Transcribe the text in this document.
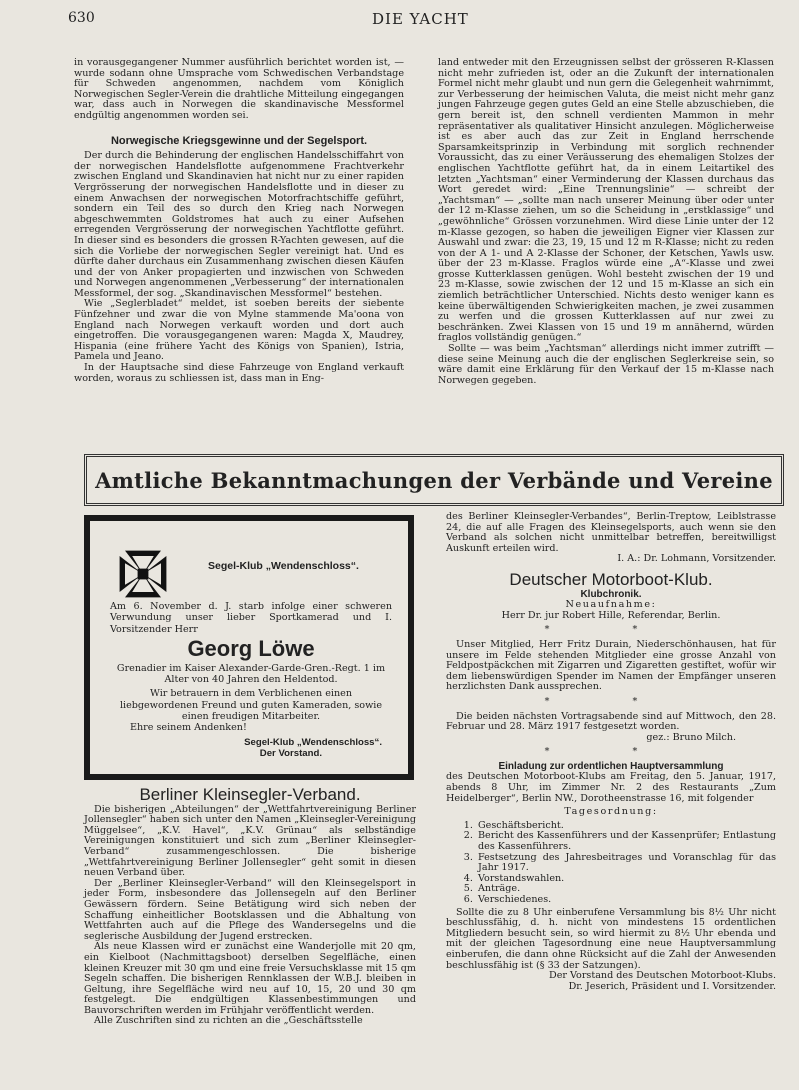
630	DIE YACHT

in vorausgegangener Nummer ausführlich berichtet worden ist, — wurde sodann ohne Umsprache vom Schwedischen Verbandstage für Schweden angenommen, nachdem vom Königlich Norwegischen Segler-Verein die drahtliche Mitteilung eingegangen war, dass auch in Norwegen die skandinavische Messformel endgültig angenommen worden sei.

Norwegische Kriegsgewinne und der Segelsport.

Der durch die Behinderung der englischen Handelsschiffahrt von der norwegischen Handelsflotte aufgenommene Frachtverkehr zwischen England und Skandinavien hat nicht nur zu einer rapiden Vergrösserung der norwegischen Handelsflotte und in dieser zu einem Anwachsen der norwegischen Motorfrachtschiffe geführt, sondern ein Teil des so durch den Krieg nach Norwegen abgeschwemmten Goldstromes hat auch zu einer Aufsehen erregenden Vergrösserung der norwegischen Yachtflotte geführt. In dieser sind es besonders die grossen R-Yachten gewesen, auf die sich die Vorliebe der norwegischen Segler vereinigt hat. Und es dürfte daher durchaus ein Zusammenhang zwischen diesen Käufen und der von Anker propagierten und inzwischen von Schweden und Norwegen angenommenen „Verbesserung“ der internationalen Messformel, der sog. „Skandinavischen Messformel“ bestehen.

Wie „Seglerbladet“ meldet, ist soeben bereits der siebente Fünfzehner und zwar die von Mylne stammende Ma'oona von England nach Norwegen verkauft worden und dort auch eingetroffen. Die vorausgegangenen waren: Magda X, Maudrey, Hispania (eine frühere Yacht des Königs von Spanien), Istria, Pamela und Jeano.

In der Hauptsache sind diese Fahrzeuge von England verkauft worden, woraus zu schliessen ist, dass man in Eng-

land entweder mit den Erzeugnissen selbst der grösseren R-Klassen nicht mehr zufrieden ist, oder an die Zukunft der internationalen Formel nicht mehr glaubt und nun gern die Gelegenheit wahrnimmt, zur Verbesserung der heimischen Valuta, die meist nicht mehr ganz jungen Fahrzeuge gegen gutes Geld an eine Stelle abzuschieben, die gern bereit ist, den schnell verdienten Mammon in mehr repräsentativer als qualitativer Hinsicht anzulegen. Möglicherweise ist es aber auch das zur Zeit in England herrschende Sparsamkeitsprinzip in Verbindung mit sorglich rechnender Voraussicht, das zu einer Veräusserung des ehemaligen Stolzes der englischen Yachtflotte geführt hat, da in einem Leitartikel des letzten „Yachtsman“ einer Verminderung der Klassen durchaus das Wort geredet wird: „Eine Trennungslinie“ — schreibt der „Yachtsman“ — „sollte man nach unserer Meinung über oder unter der 12 m-Klasse ziehen, um so die Scheidung in „erstklassige“ und „gewöhnliche“ Grössen vorzunehmen. Wird diese Linie unter der 12 m-Klasse gezogen, so haben die jeweiligen Eigner vier Klassen zur Auswahl und zwar: die 23, 19, 15 und 12 m R-Klasse; nicht zu reden von der A 1- und A 2-Klasse der Schoner, der Ketschen, Yawls usw. über der 23 m-Klasse. Fraglos würde eine „A“-Klasse und zwei grosse Kutterklassen genügen. Wohl besteht zwischen der 19 und 23 m-Klasse, sowie zwischen der 12 und 15 m-Klasse an sich ein ziemlich beträchtlicher Unterschied. Nichts desto weniger kann es keine überwältigenden Schwierigkeiten machen, je zwei zusammen zu werfen und die grossen Kutterklassen auf nur zwei zu beschränken. Zwei Klassen von 15 und 19 m annähernd, würden fraglos vollständig genügen.“

Sollte — was beim „Yachtsman“ allerdings nicht immer zutrifft — diese seine Meinung auch die der englischen Seglerkreise sein, so wäre damit eine Erklärung für den Verkauf der 15 m-Klasse nach Norwegen gegeben.

Amtliche Bekanntmachungen der Verbände und Vereine
Segel-Klub „Wendenschloss“.
Am 6. November d. J. starb infolge einer schweren Verwundung unser lieber Sportkamerad und I. Vorsitzender Herr
Georg Löwe
Grenadier im Kaiser Alexander-Garde-Gren.-Regt. 1 im Alter von 40 Jahren den Heldentod.
Wir betrauern in dem Verblichenen einen liebgewordenen Freund und guten Kameraden, sowie einen freudigen Mitarbeiter.
Ehre seinem Andenken!
Segel-Klub „Wendenschloss“.
Der Vorstand.
Berliner Kleinsegler-Verband.

Die bisherigen „Abteilungen“ der „Wettfahrtvereinigung Berliner Jollensegler“ haben sich unter den Namen „Kleinsegler-Vereinigung Müggelsee“, „K.V. Havel“, „K.V. Grünau“ als selbständige Vereinigungen konstituiert und sich zum „Berliner Kleinsegler-Verband“ zusammengeschlossen. Die bisherige „Wettfahrtvereinigung Berliner Jollensegler“ geht somit in diesen neuen Verband über.

Der „Berliner Kleinsegler-Verband“ will den Kleinsegelsport in jeder Form, insbesondere das Jollensegeln auf den Berliner Gewässern fördern. Seine Betätigung wird sich neben der Schaffung einheitlicher Bootsklassen und die Abhaltung von Wettfahrten auch auf die Pflege des Wandersegelns und die seglerische Ausbildung der Jugend erstrecken.

Als neue Klassen wird er zunächst eine Wanderjolle mit 20 qm, ein Kielboot (Nachmittagsboot) derselben Segelfläche, einen kleinen Kreuzer mit 30 qm und eine freie Versuchsklasse mit 15 qm Segeln schaffen. Die bisherigen Rennklassen der W.B.J. bleiben in Geltung, ihre Segelfläche wird neu auf 10, 15, 20 und 30 qm festgelegt. Die endgültigen Klassenbestimmungen und Bauvorschriften werden im Frühjahr veröffentlicht werden.

Alle Zuschriften sind zu richten an die „Geschäftsstelle

des Berliner Kleinsegler-Verbandes“, Berlin-Treptow, Leiblstrasse 24, die auf alle Fragen des Kleinsegelsports, auch wenn sie den Verband als solchen nicht unmittelbar betreffen, bereitwilligst Auskunft erteilen wird.

I. A.: Dr. Lohmann, Vorsitzender.
Deutscher Motorboot-Klub.
Klubchronik.
Neuaufnahme:
Herr Dr. jur Robert Hille, Referendar, Berlin.
* *

Unser Mitglied, Herr Fritz Durain, Niederschönhausen, hat für unsere im Felde stehenden Mitglieder eine grosse Anzahl von Feldpostpäckchen mit Zigarren und Zigaretten gestiftet, wofür wir dem liebenswürdigen Spender im Namen der Empfänger unseren herzlichsten Dank aussprechen.

* *

Die beiden nächsten Vortragsabende sind auf Mittwoch, den 28. Februar und 28. März 1917 festgesetzt worden.

gez.: Bruno Milch.
* *
Einladung zur ordentlichen Hauptversammlung

des Deutschen Motorboot-Klubs am Freitag, den 5. Januar, 1917, abends 8 Uhr, im Zimmer Nr. 2 des Restaurants „Zum Heidelberger“, Berlin NW., Dorotheenstrasse 16, mit folgender

Tagesordnung:
1. Geschäftsbericht.
2. Bericht des Kassenführers und der Kassenprüfer; Entlastung des Kassenführers.
3. Festsetzung des Jahresbeitrages und Voranschlag für das Jahr 1917.
4. Vorstandswahlen.
5. Anträge.
6. Verschiedenes.

Sollte die zu 8 Uhr einberufene Versammlung bis 8½ Uhr nicht beschlussfähig, d. h. nicht von mindestens 15 ordentlichen Mitgliedern besucht sein, so wird hiermit zu 8½ Uhr ebenda und mit der gleichen Tagesordnung eine neue Hauptversammlung einberufen, die dann ohne Rücksicht auf die Zahl der Anwesenden beschlussfähig ist (§ 33 der Satzungen).

Der Vorstand des Deutschen Motorboot-Klubs.
Dr. Jeserich, Präsident und I. Vorsitzender.
